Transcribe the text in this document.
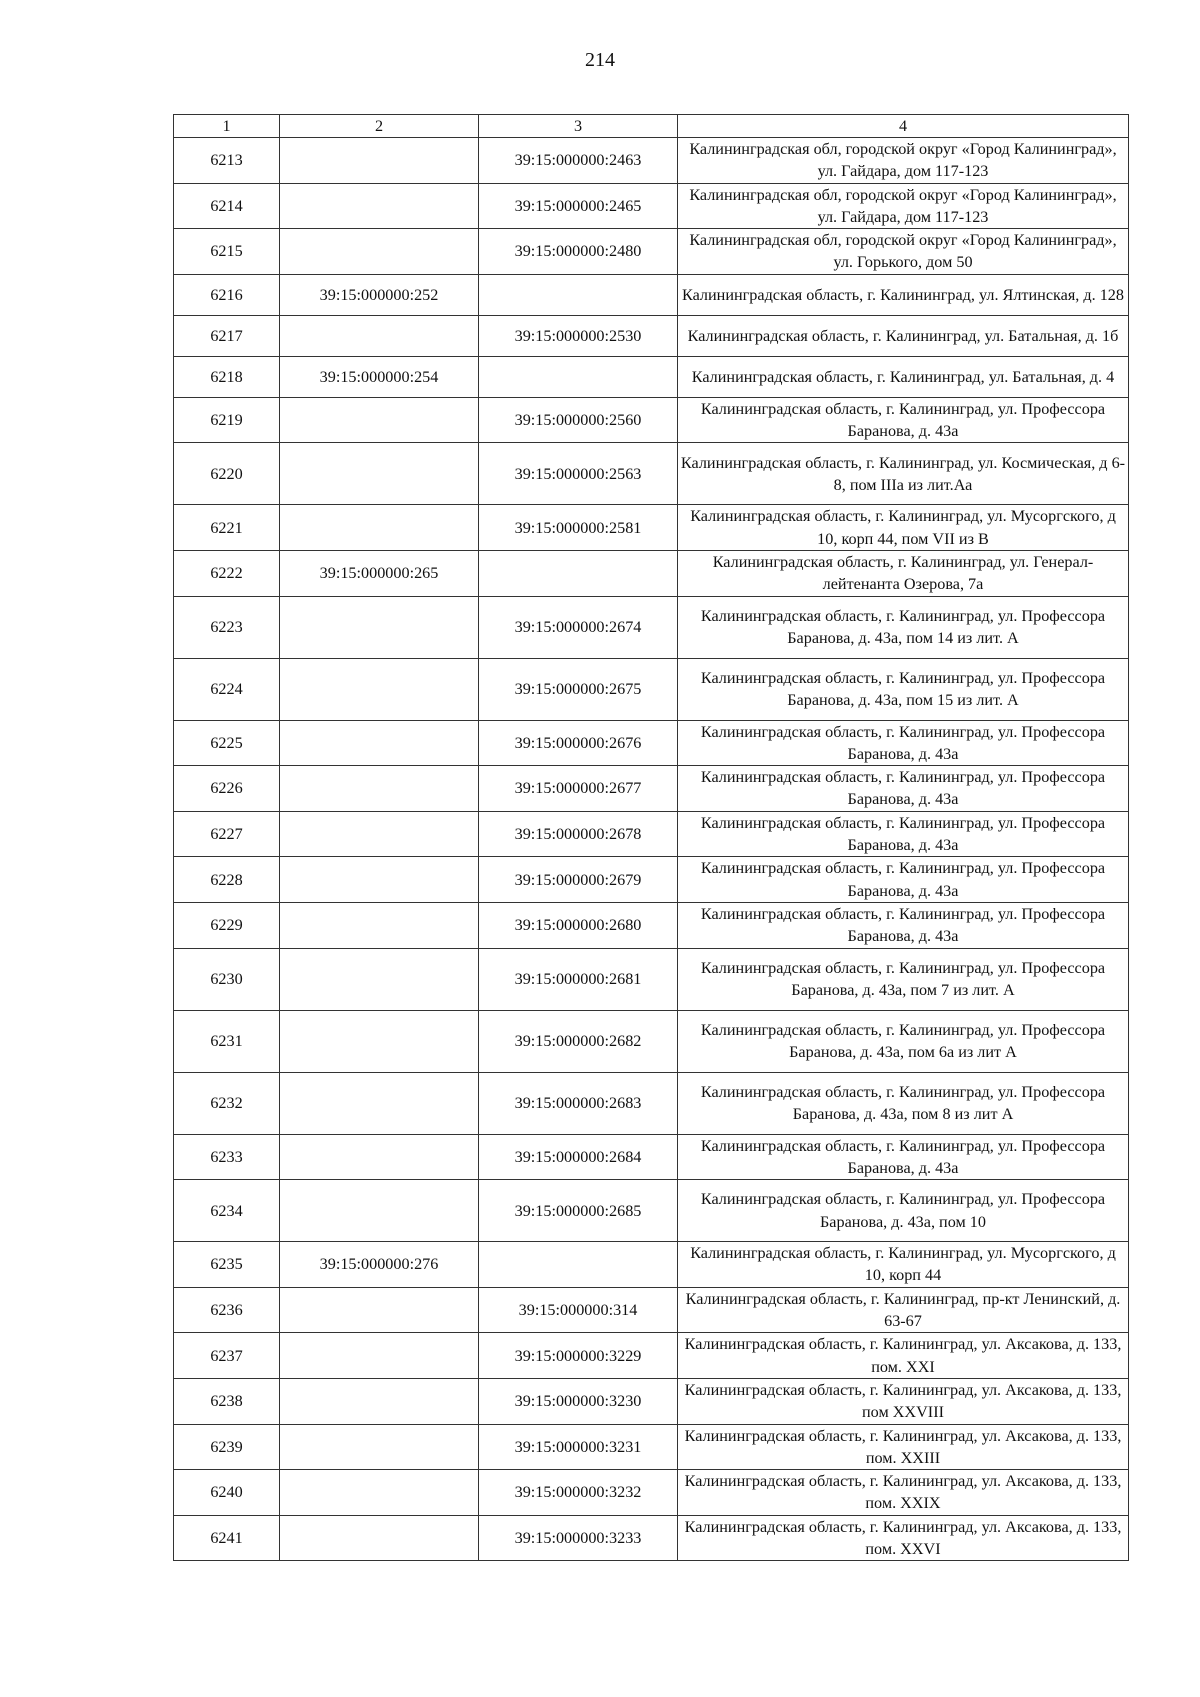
214
1	2	3	4
6213		39:15:000000:2463	Калининградская обл, городской округ «Город Калининград», ул. Гайдара, дом 117-123
6214		39:15:000000:2465	Калининградская обл, городской округ «Город Калининград», ул. Гайдара, дом 117-123
6215		39:15:000000:2480	Калининградская обл, городской округ «Город Калининград», ул. Горького, дом 50
6216	39:15:000000:252		Калининградская область, г. Калининград, ул. Ялтинская, д. 128
6217		39:15:000000:2530	Калининградская область, г. Калининград, ул. Батальная, д. 1б
6218	39:15:000000:254		Калининградская область, г. Калининград, ул. Батальная, д. 4
6219		39:15:000000:2560	Калининградская область, г. Калининград, ул. Профессора Баранова, д. 43а
6220		39:15:000000:2563	Калининградская область, г. Калининград, ул. Космическая, д 6-8, пом IIIа из лит.Аа
6221		39:15:000000:2581	Калининградская область, г. Калининград, ул. Мусоргского, д 10, корп 44, пом VII из В
6222	39:15:000000:265		Калининградская область, г. Калининград, ул. Генерал-лейтенанта Озерова, 7а
6223		39:15:000000:2674	Калининградская область, г. Калининград, ул. Профессора Баранова, д. 43а, пом 14 из лит. А
6224		39:15:000000:2675	Калининградская область, г. Калининград, ул. Профессора Баранова, д. 43а, пом 15 из лит. А
6225		39:15:000000:2676	Калининградская область, г. Калининград, ул. Профессора Баранова, д. 43а
6226		39:15:000000:2677	Калининградская область, г. Калининград, ул. Профессора Баранова, д. 43а
6227		39:15:000000:2678	Калининградская область, г. Калининград, ул. Профессора Баранова, д. 43а
6228		39:15:000000:2679	Калининградская область, г. Калининград, ул. Профессора Баранова, д. 43а
6229		39:15:000000:2680	Калининградская область, г. Калининград, ул. Профессора Баранова, д. 43а
6230		39:15:000000:2681	Калининградская область, г. Калининград, ул. Профессора Баранова, д. 43а, пом 7 из лит. А
6231		39:15:000000:2682	Калининградская область, г. Калининград, ул. Профессора Баранова, д. 43а, пом 6а из лит А
6232		39:15:000000:2683	Калининградская область, г. Калининград, ул. Профессора Баранова, д. 43а, пом 8 из лит А
6233		39:15:000000:2684	Калининградская область, г. Калининград, ул. Профессора Баранова, д. 43а
6234		39:15:000000:2685	Калининградская область, г. Калининград, ул. Профессора Баранова, д. 43а, пом 10
6235	39:15:000000:276		Калининградская область, г. Калининград, ул. Мусоргского, д 10, корп 44
6236		39:15:000000:314	Калининградская область, г. Калининград, пр-кт Ленинский, д. 63-67
6237		39:15:000000:3229	Калининградская область, г. Калининград, ул. Аксакова, д. 133, пом. XXI
6238		39:15:000000:3230	Калининградская область, г. Калининград, ул. Аксакова, д. 133, пом XXVIII
6239		39:15:000000:3231	Калининградская область, г. Калининград, ул. Аксакова, д. 133, пом. XXIII
6240		39:15:000000:3232	Калининградская область, г. Калининград, ул. Аксакова, д. 133, пом. XXIX
6241		39:15:000000:3233	Калининградская область, г. Калининград, ул. Аксакова, д. 133, пом. XXVI
